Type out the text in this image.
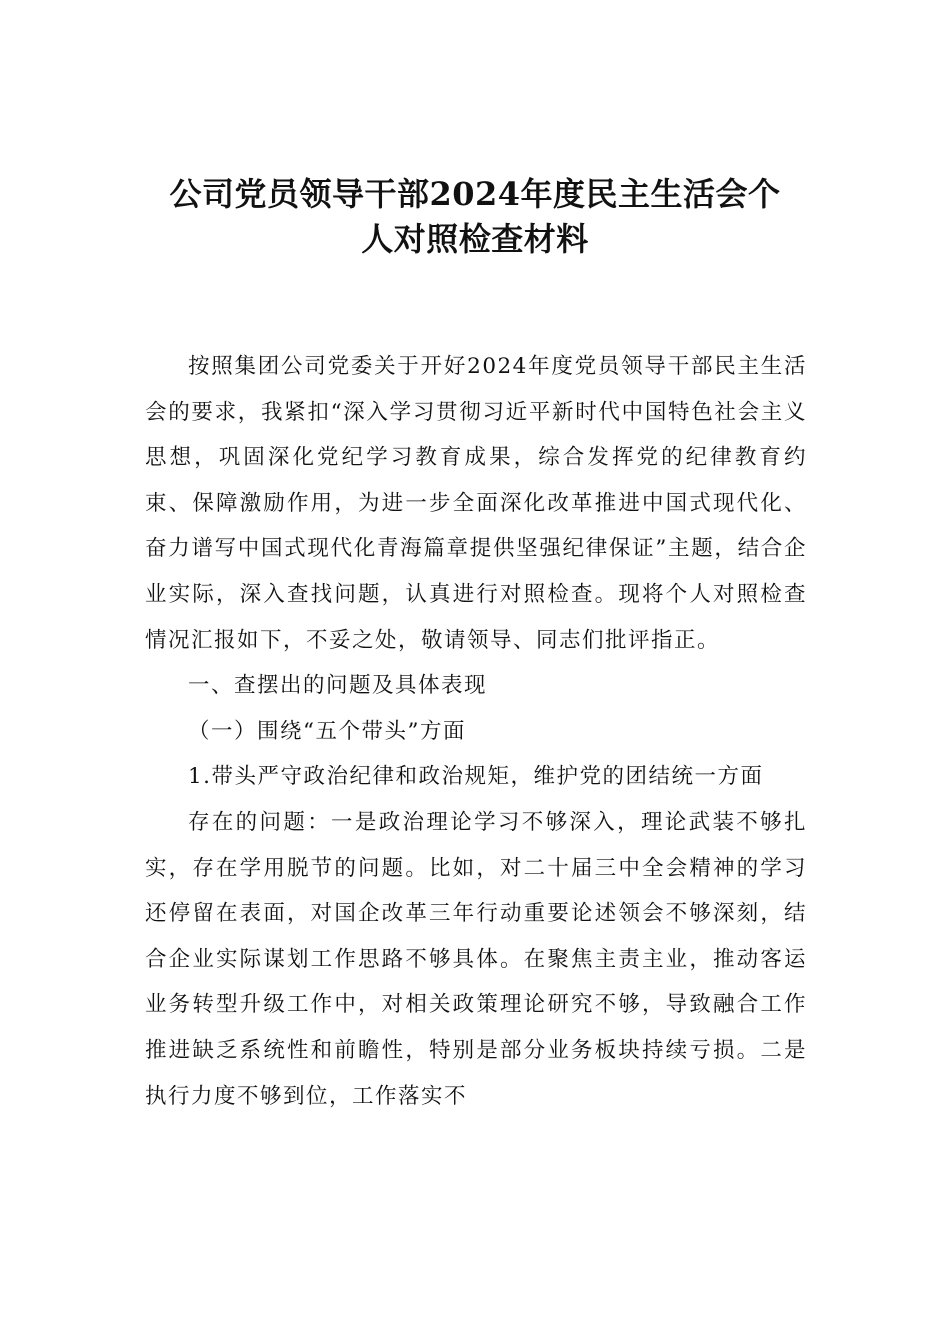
公司党员领导干部2024年度民主生活会个
人对照检查材料

按照集团公司党委关于开好2024年度党员领导干部民主生活会的要求，我紧扣“深入学习贯彻习近平新时代中国特色社会主义思想，巩固深化党纪学习教育成果，综合发挥党的纪律教育约束、保障激励作用，为进一步全面深化改革推进中国式现代化、奋力谱写中国式现代化青海篇章提供坚强纪律保证”主题，结合企业实际，深入查找问题，认真进行对照检查。现将个人对照检查情况汇报如下，不妥之处，敬请领导、同志们批评指正。

一、查摆出的问题及具体表现

（一）围绕“五个带头”方面

1.带头严守政治纪律和政治规矩，维护党的团结统一方面

存在的问题：一是政治理论学习不够深入，理论武装不够扎实，存在学用脱节的问题。比如，对二十届三中全会精神的学习还停留在表面，对国企改革三年行动重要论述领会不够深刻，结合企业实际谋划工作思路不够具体。在聚焦主责主业，推动客运业务转型升级工作中，对相关政策理论研究不够，导致融合工作推进缺乏系统性和前瞻性，特别是部分业务板块持续亏损。二是执行力度不够到位，工作落实不
